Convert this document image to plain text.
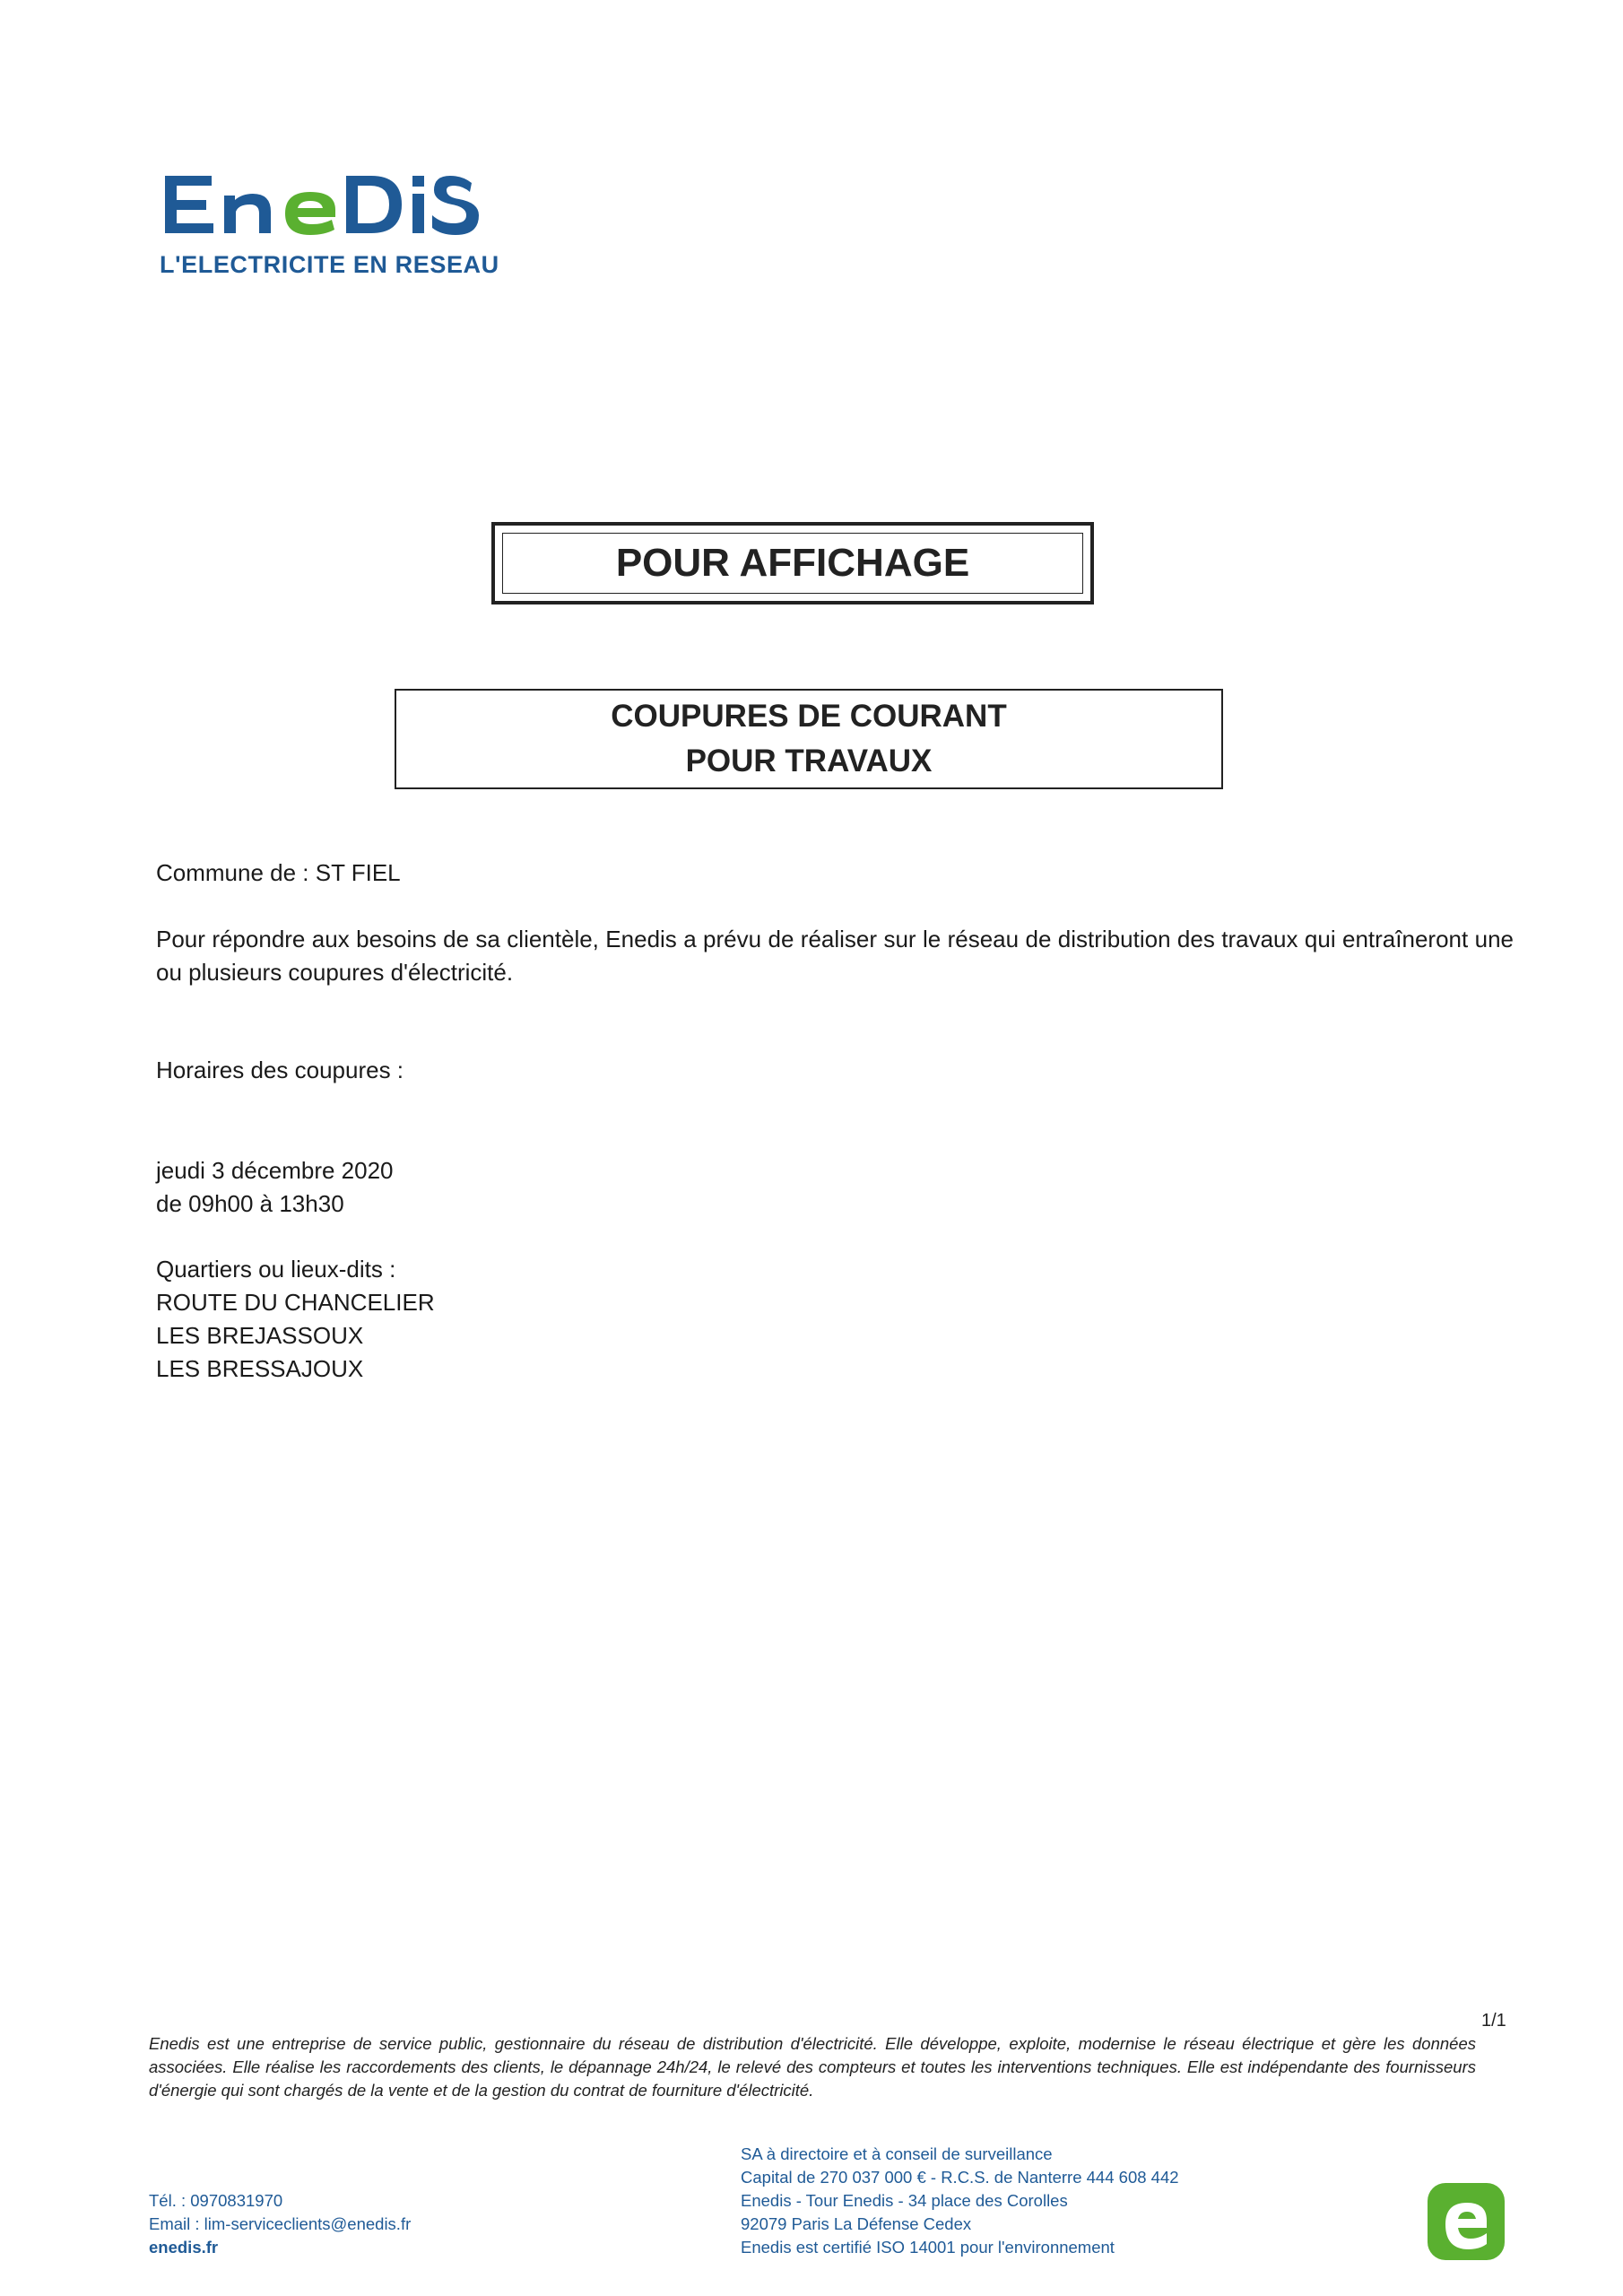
L'ELECTRICITE EN RESEAU
POUR AFFICHAGE
COUPURES DE COURANT
POUR TRAVAUX
Commune de : ST FIEL
Pour répondre aux besoins de sa clientèle, Enedis a prévu de réaliser sur le réseau de distribution des travaux qui entraîneront une ou plusieurs coupures d'électricité.
Horaires des coupures :
jeudi 3 décembre 2020
de 09h00 à 13h30
Quartiers ou lieux-dits :
ROUTE DU CHANCELIER
LES BREJASSOUX
LES BRESSAJOUX
1/1
Enedis est une entreprise de service public, gestionnaire du réseau de distribution d'électricité. Elle développe, exploite, modernise le réseau électrique et gère les données associées. Elle réalise les raccordements des clients, le dépannage 24h/24, le relevé des compteurs et toutes les interventions techniques. Elle est indépendante des fournisseurs d'énergie qui sont chargés de la vente et de la gestion du contrat de fourniture d'électricité.
Tél. : 0970831970
Email : lim-serviceclients@enedis.fr
enedis.fr
SA à directoire et à conseil de surveillance
Capital de 270 037 000 € - R.C.S. de Nanterre 444 608 442
Enedis - Tour Enedis - 34 place des Corolles
92079 Paris La Défense Cedex
Enedis est certifié ISO 14001 pour l'environnement
